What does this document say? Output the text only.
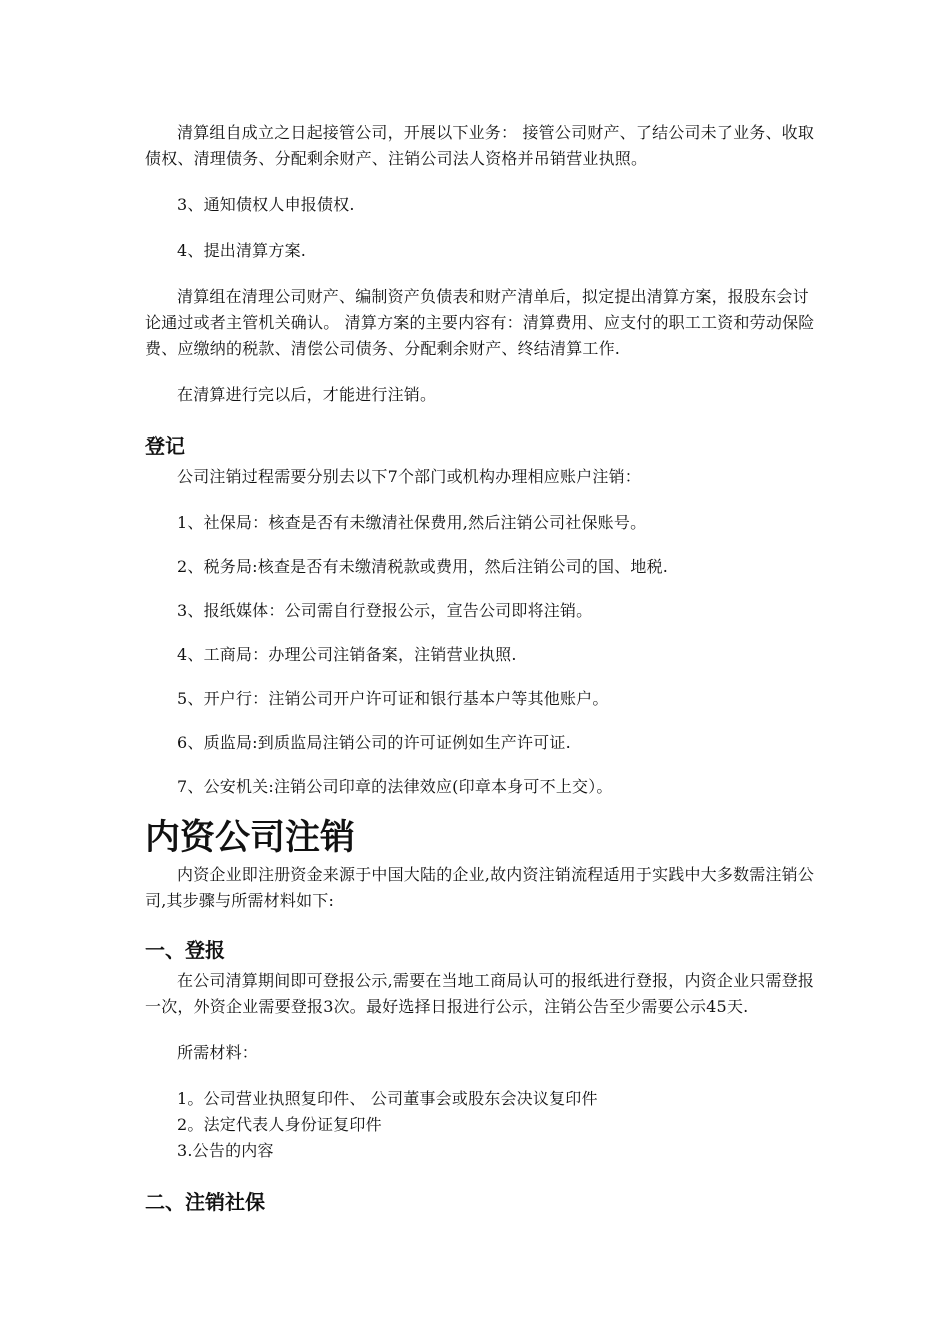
清算组自成立之日起接管公司，开展以下业务： 接管公司财产、了结公司未了业务、收取债权、清理债务、分配剩余财产、注销公司法人资格并吊销营业执照。

3、通知债权人申报债权.

4、提出清算方案.

清算组在清理公司财产、编制资产负债表和财产清单后，拟定提出清算方案，报股东会讨论通过或者主管机关确认。 清算方案的主要内容有：清算费用、应支付的职工工资和劳动保险费、应缴纳的税款、清偿公司债务、分配剩余财产、终结清算工作.

在清算进行完以后，才能进行注销。

登记

公司注销过程需要分别去以下7个部门或机构办理相应账户注销：

1、社保局：核查是否有未缴清社保费用,然后注销公司社保账号。

2、税务局:核查是否有未缴清税款或费用，然后注销公司的国、地税.

3、报纸媒体：公司需自行登报公示，宣告公司即将注销。

4、工商局：办理公司注销备案，注销营业执照.

5、开户行：注销公司开户许可证和银行基本户等其他账户。

6、质监局:到质监局注销公司的许可证例如生产许可证.

7、公安机关:注销公司印章的法律效应(印章本身可不上交）。

内资公司注销

内资企业即注册资金来源于中国大陆的企业,故内资注销流程适用于实践中大多数需注销公司,其步骤与所需材料如下:

一、登报

在公司清算期间即可登报公示,需要在当地工商局认可的报纸进行登报，内资企业只需登报一次，外资企业需要登报3次。最好选择日报进行公示，注销公告至少需要公示45天.

所需材料：

1。公司营业执照复印件、 公司董事会或股东会决议复印件

2。法定代表人身份证复印件

3.公告的内容

二、注销社保
